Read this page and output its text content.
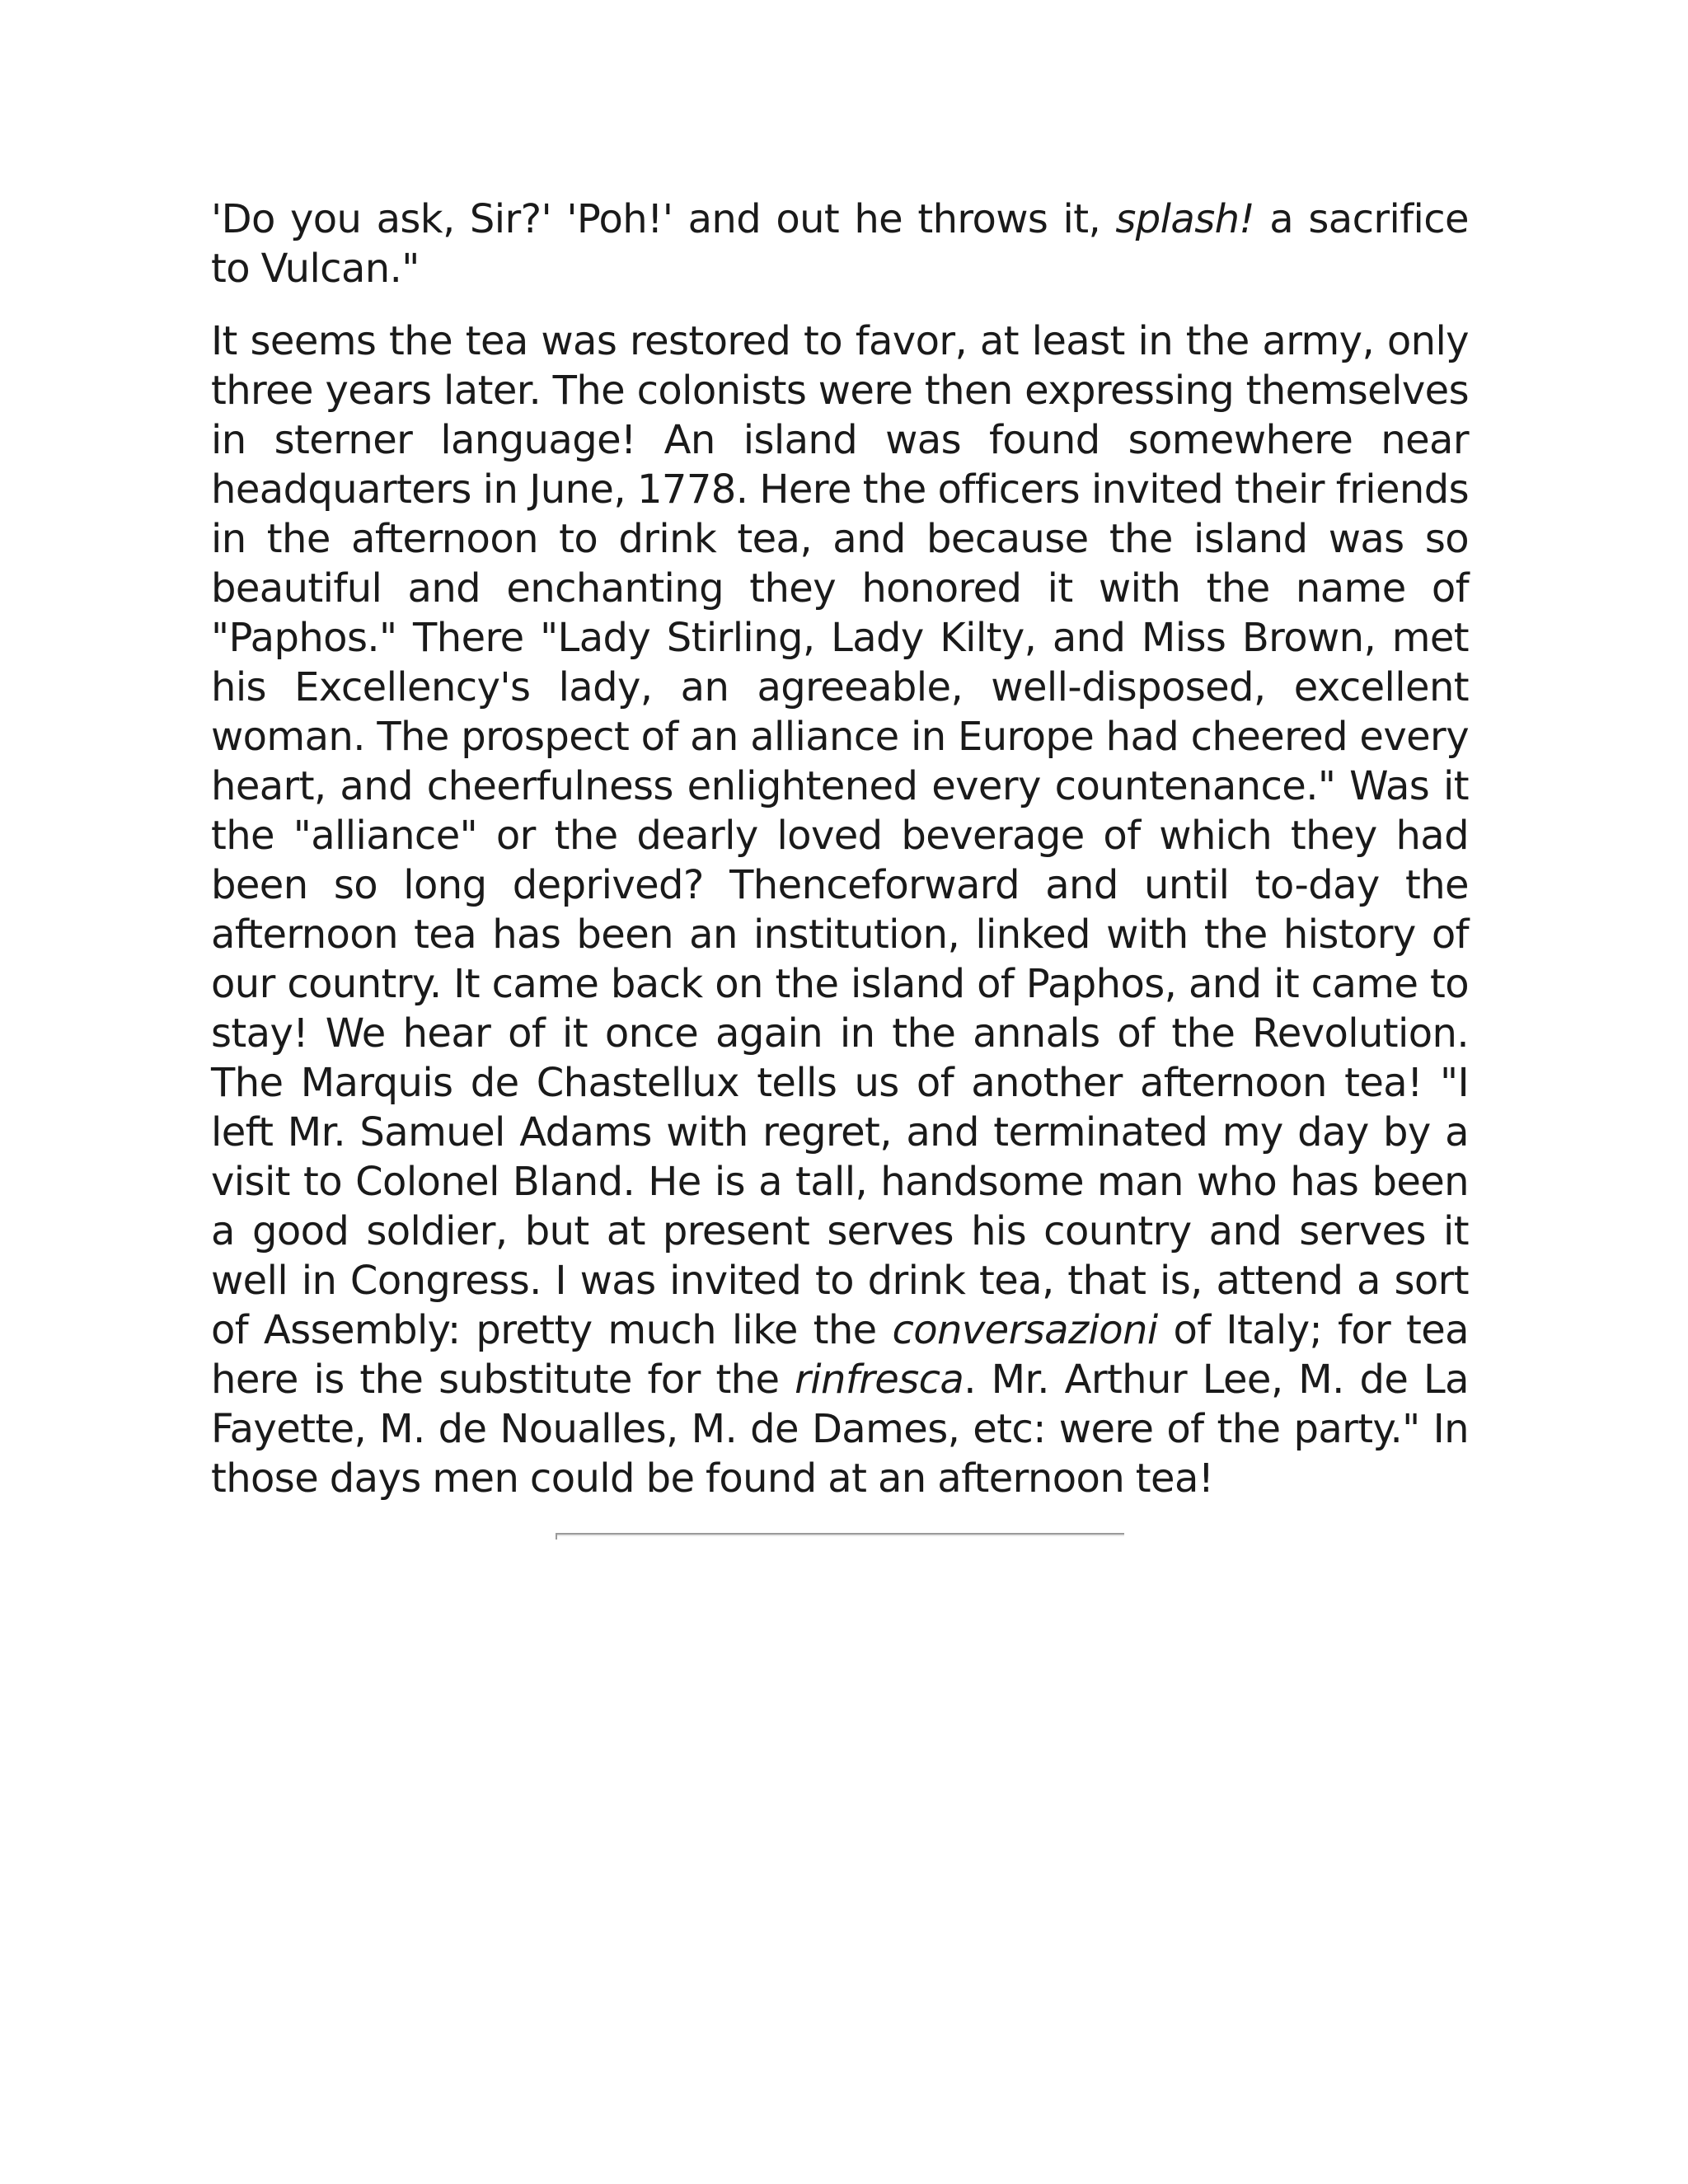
'Do you ask, Sir?' 'Poh!' and out he throws it, splash! a sacrifice to Vulcan."

It seems the tea was restored to favor, at least in the army, only three years later. The colonists were then expressing themselves in sterner language! An island was found somewhere near headquarters in June, 1778. Here the officers invited their friends in the afternoon to drink tea, and because the island was so beautiful and enchanting they honored it with the name of "Paphos." There "Lady Stirling, Lady Kilty, and Miss Brown, met his Excellency's lady, an agreeable, well-disposed, excellent woman. The prospect of an alliance in Europe had cheered every heart, and cheerfulness enlightened every countenance." Was it the "alliance" or the dearly loved beverage of which they had been so long deprived? Thenceforward and until to-day the afternoon tea has been an institution, linked with the history of our country. It came back on the island of Paphos, and it came to stay! We hear of it once again in the annals of the Revolution. The Marquis de Chastellux tells us of another afternoon tea! "I left Mr. Samuel Adams with regret, and terminated my day by a visit to Colonel Bland. He is a tall, handsome man who has been a good soldier, but at present serves his country and serves it well in Congress. I was invited to drink tea, that is, attend a sort of Assembly: pretty much like the conversazioni of Italy; for tea here is the substitute for the rinfresca. Mr. Arthur Lee, M. de La Fayette, M. de Noualles, M. de Dames, etc: were of the party." In those days men could be found at an afternoon tea!
